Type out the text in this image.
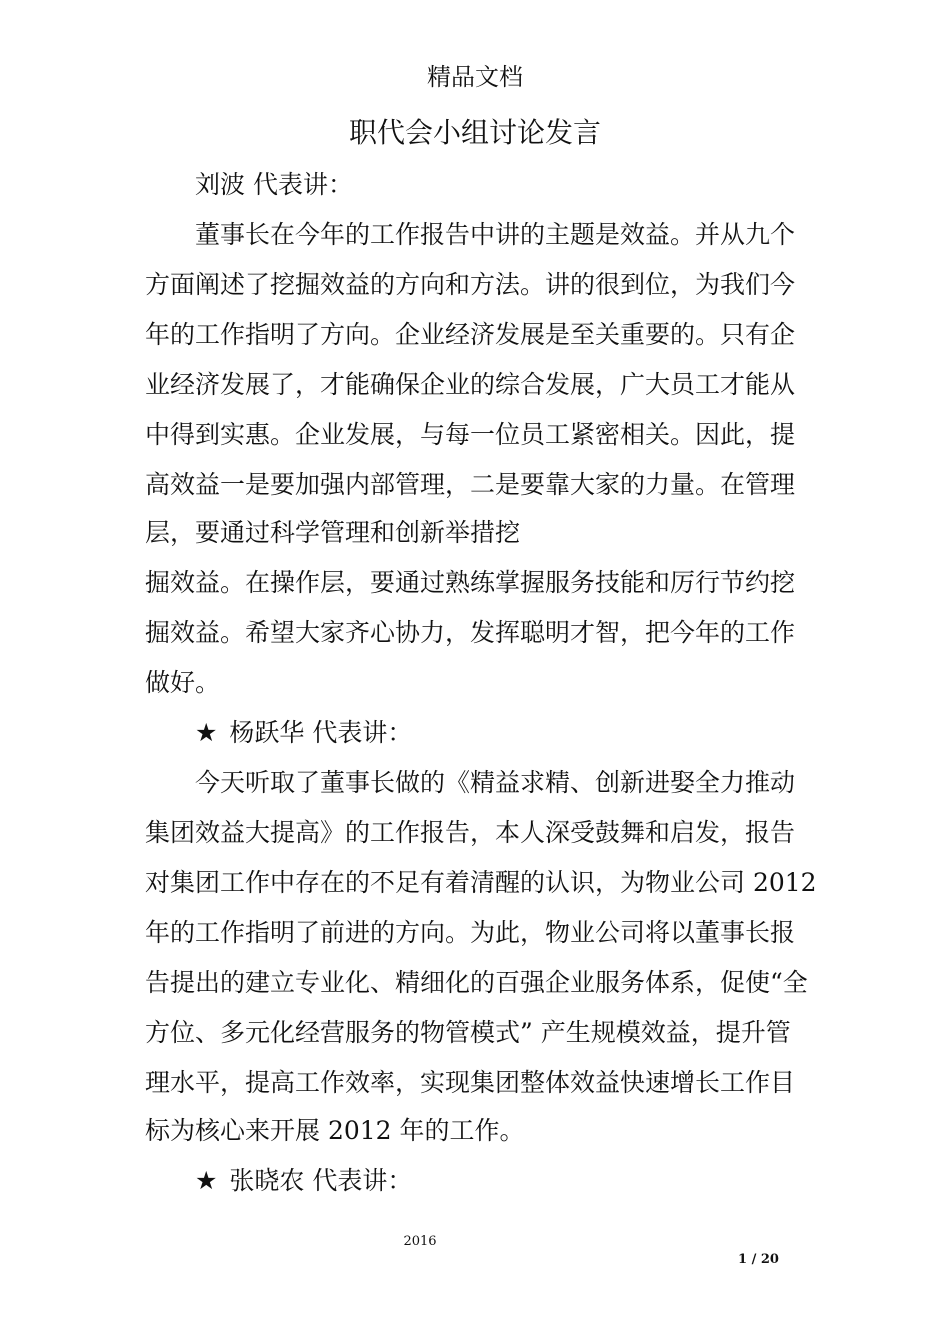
精品文档
职代会小组讨论发言
刘波 代表讲：
董事长在今年的工作报告中讲的主题是效益。并从九个
方面阐述了挖掘效益的方向和方法。讲的很到位，为我们今
年的工作指明了方向。企业经济发展是至关重要的。只有企
业经济发展了，才能确保企业的综合发展，广大员工才能从
中得到实惠。企业发展，与每一位员工紧密相关。因此，提
高效益一是要加强内部管理，二是要靠大家的力量。在管理
层，要通过科学管理和创新举措挖
掘效益。在操作层，要通过熟练掌握服务技能和厉行节约挖
掘效益。希望大家齐心协力，发挥聪明才智，把今年的工作
做好。
★ 杨跃华 代表讲：
今天听取了董事长做的《精益求精、创新进娶全力推动
集团效益大提高》的工作报告，本人深受鼓舞和启发，报告
对集团工作中存在的不足有着清醒的认识，为物业公司 2012
年的工作指明了前进的方向。为此，物业公司将以董事长报
告提出的建立专业化、精细化的百强企业服务体系，促使“全
方位、多元化经营服务的物管模式” 产生规模效益，提升管
理水平，提高工作效率，实现集团整体效益快速增长工作目
标为核心来开展 2012 年的工作。
★ 张晓农 代表讲：
2016
1 / 20
